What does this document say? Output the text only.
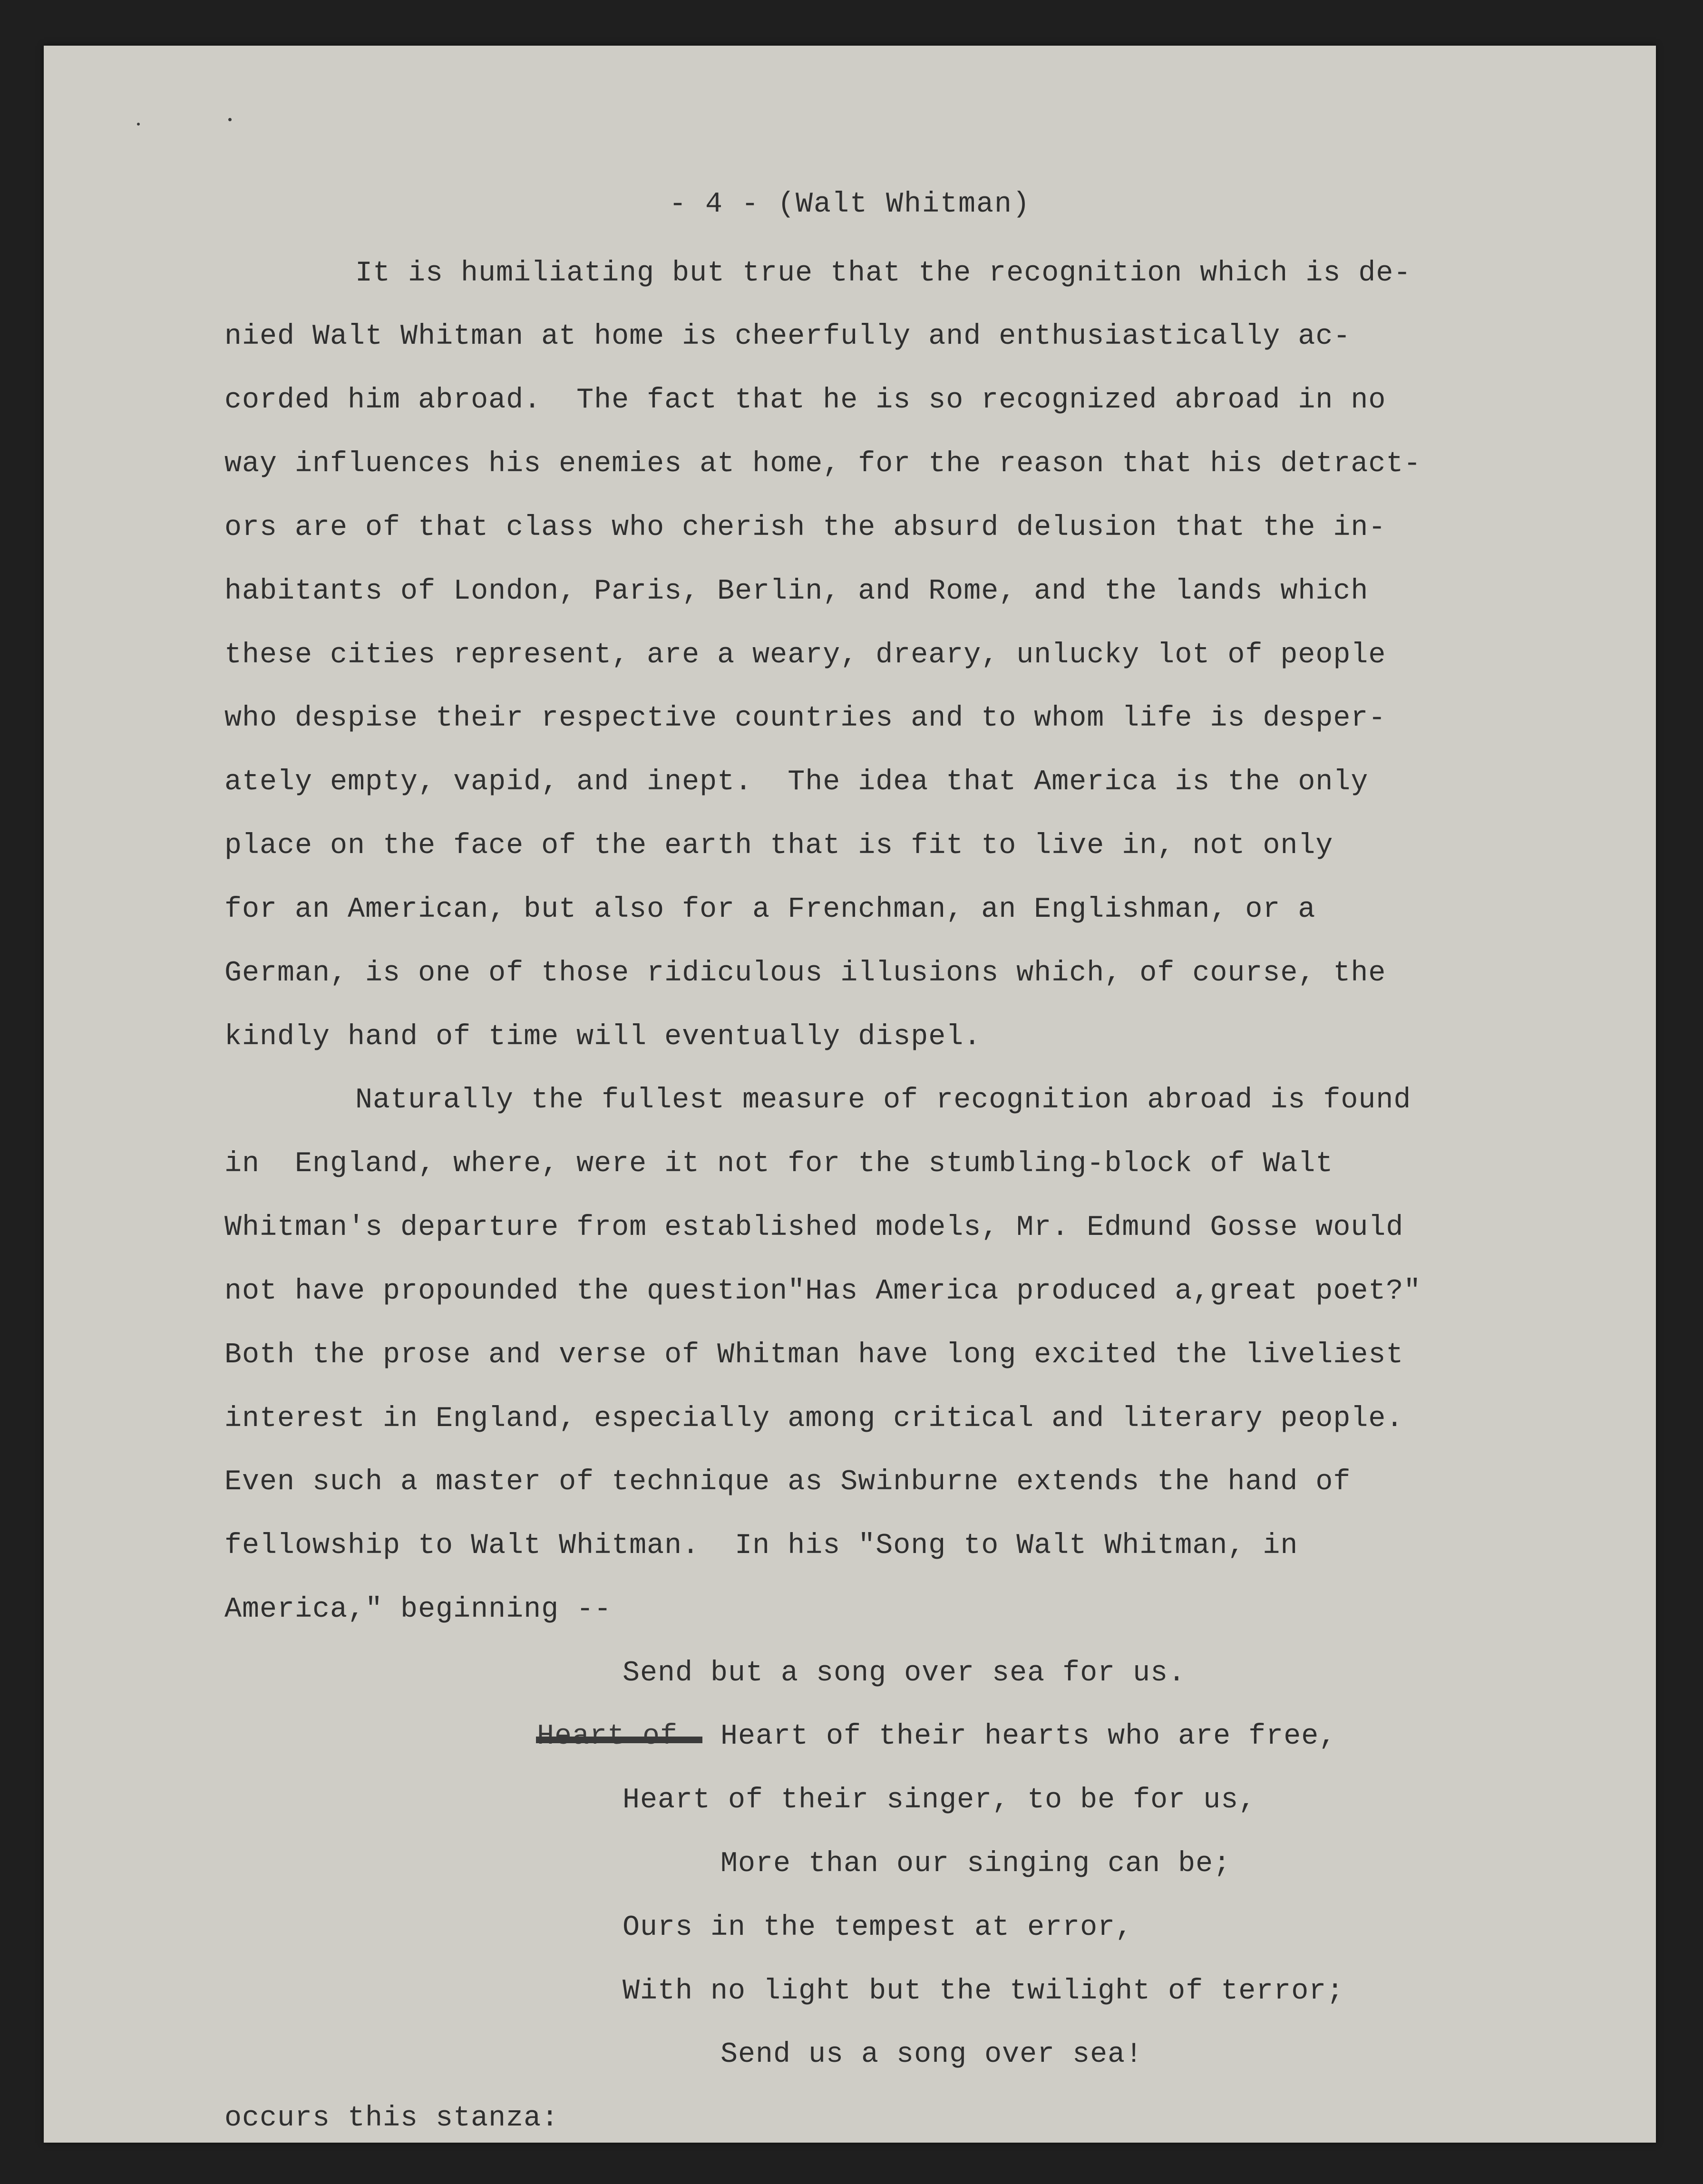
- 4 - (Walt Whitman)
It is humiliating but true that the recognition which is de-
nied Walt Whitman at home is cheerfully and enthusiastically ac-
corded him abroad.  The fact that he is so recognized abroad in no
way influences his enemies at home, for the reason that his detract-
ors are of that class who cherish the absurd delusion that the in-
habitants of London, Paris, Berlin, and Rome, and the lands which
these cities represent, are a weary, dreary, unlucky lot of people
who despise their respective countries and to whom life is desper-
ately empty, vapid, and inept.  The idea that America is the only
place on the face of the earth that is fit to live in, not only
for an American, but also for a Frenchman, an Englishman, or a
German, is one of those ridiculous illusions which, of course, the
kindly hand of time will eventually dispel.
Naturally the fullest measure of recognition abroad is found
in  England, where, were it not for the stumbling-block of Walt
Whitman's departure from established models, Mr. Edmund Gosse would
not have propounded the question"Has America produced a,great poet?"
Both the prose and verse of Whitman have long excited the liveliest
interest in England, especially among critical and literary people.
Even such a master of technique as Swinburne extends the hand of
fellowship to Walt Whitman.  In his "Song to Walt Whitman, in
America," beginning --
Send but a song over sea for us.
Heart of their hearts who are free,
Heart of their singer, to be for us,
More than our singing can be;
Ours in the tempest at error,
With no light but the twilight of terror;
Send us a song over sea!
occurs this stanza:
